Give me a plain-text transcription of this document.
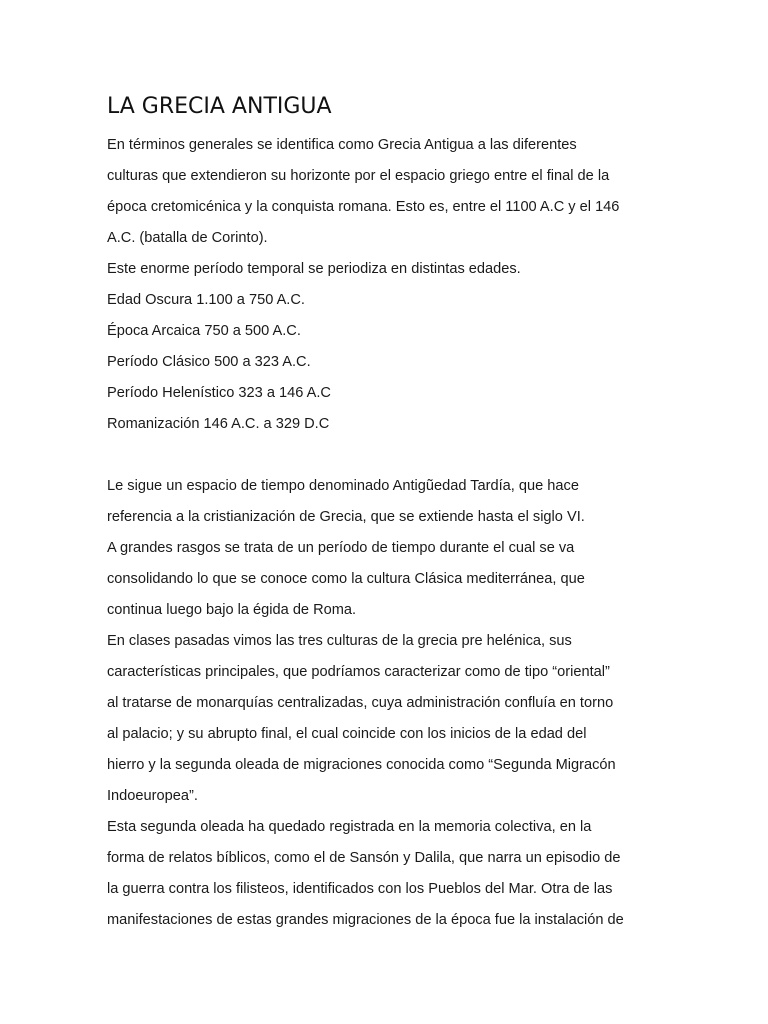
LA GRECIA ANTIGUA
En términos generales se identifica como Grecia Antigua a las diferentes
culturas que extendieron su horizonte por el espacio griego entre el final de la
época cretomicénica y la conquista romana. Esto es, entre el 1100 A.C y el 146
A.C. (batalla de Corinto).
Este enorme período temporal se periodiza en distintas edades.
Edad Oscura 1.100 a 750 A.C.
Época Arcaica 750 a 500 A.C.
Período Clásico 500 a 323 A.C.
Período Helenístico 323 a 146 A.C
Romanización 146 A.C. a 329 D.C
Le sigue un espacio de tiempo denominado Antigũedad Tardía, que hace
referencia a la cristianización de Grecia, que se extiende hasta el siglo VI.
A grandes rasgos se trata de un período de tiempo durante el cual se va
consolidando lo que se conoce como la cultura Clásica mediterránea, que
continua luego bajo la égida de Roma.
En clases pasadas vimos las tres culturas de la grecia pre helénica, sus
características principales, que podríamos caracterizar como de tipo “oriental”
al tratarse de monarquías centralizadas, cuya administración confluía en torno
al palacio; y su abrupto final, el cual coincide con los inicios de la edad del
hierro y la segunda oleada de migraciones conocida como “Segunda Migracón
Indoeuropea”.
Esta segunda oleada ha quedado registrada en la memoria colectiva, en la
forma de relatos bíblicos, como el de Sansón y Dalila, que narra un episodio de
la guerra contra los filisteos, identificados con los Pueblos del Mar. Otra de las
manifestaciones de estas grandes migraciones de la época fue la instalación de
